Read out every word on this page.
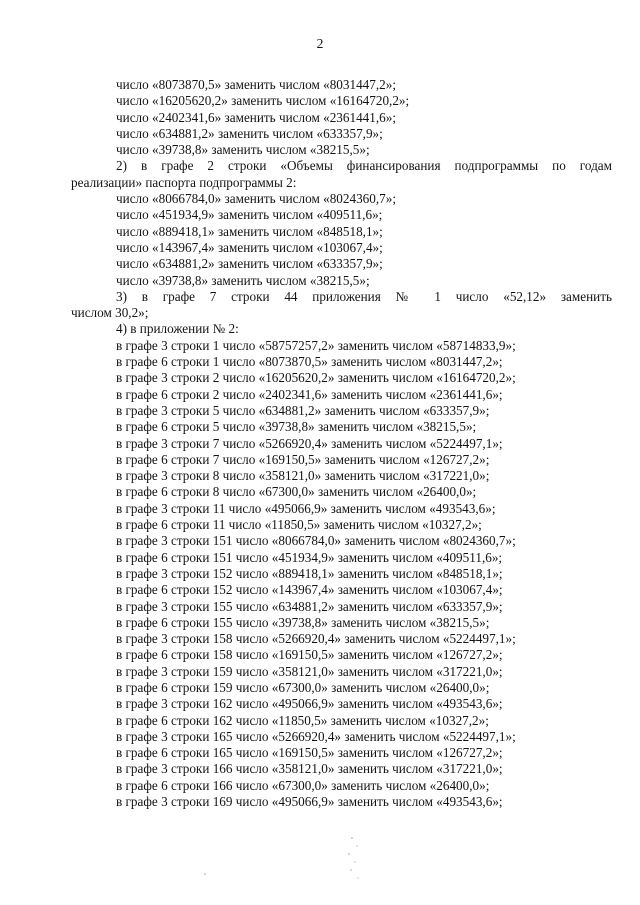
2
число «8073870,5» заменить числом «8031447,2»;
число «16205620,2» заменить числом «16164720,2»;
число «2402341,6» заменить числом «2361441,6»;
число «634881,2» заменить числом «633357,9»;
число «39738,8» заменить числом «38215,5»;
2) в графе 2 строки «Объемы финансирования подпрограммы по годам
реализации» паспорта подпрограммы 2:
число «8066784,0» заменить числом «8024360,7»;
число «451934,9» заменить числом «409511,6»;
число «889418,1» заменить числом «848518,1»;
число «143967,4» заменить числом «103067,4»;
число «634881,2» заменить числом «633357,9»;
число «39738,8» заменить числом «38215,5»;
3) в графе 7 строки 44 приложения № 1 число «52,12» заменить
числом 30,2»;
4) в приложении № 2:
в графе 3 строки 1 число «58757257,2» заменить числом «58714833,9»;
в графе 6 строки 1 число «8073870,5» заменить числом «8031447,2»;
в графе 3 строки 2 число «16205620,2» заменить числом «16164720,2»;
в графе 6 строки 2 число «2402341,6» заменить числом «2361441,6»;
в графе 3 строки 5 число «634881,2» заменить числом «633357,9»;
в графе 6 строки 5 число «39738,8» заменить числом «38215,5»;
в графе 3 строки 7 число «5266920,4» заменить числом «5224497,1»;
в графе 6 строки 7 число «169150,5» заменить числом «126727,2»;
в графе 3 строки 8 число «358121,0» заменить числом «317221,0»;
в графе 6 строки 8 число «67300,0» заменить числом «26400,0»;
в графе 3 строки 11 число «495066,9» заменить числом «493543,6»;
в графе 6 строки 11 число «11850,5» заменить числом «10327,2»;
в графе 3 строки 151 число «8066784,0» заменить числом «8024360,7»;
в графе 6 строки 151 число «451934,9» заменить числом «409511,6»;
в графе 3 строки 152 число «889418,1» заменить числом «848518,1»;
в графе 6 строки 152 число «143967,4» заменить числом «103067,4»;
в графе 3 строки 155 число «634881,2» заменить числом «633357,9»;
в графе 6 строки 155 число «39738,8» заменить числом «38215,5»;
в графе 3 строки 158 число «5266920,4» заменить числом «5224497,1»;
в графе 6 строки 158 число «169150,5» заменить числом «126727,2»;
в графе 3 строки 159 число «358121,0» заменить числом «317221,0»;
в графе 6 строки 159 число «67300,0» заменить числом «26400,0»;
в графе 3 строки 162 число «495066,9» заменить числом «493543,6»;
в графе 6 строки 162 число «11850,5» заменить числом «10327,2»;
в графе 3 строки 165 число «5266920,4» заменить числом «5224497,1»;
в графе 6 строки 165 число «169150,5» заменить числом «126727,2»;
в графе 3 строки 166 число «358121,0» заменить числом «317221,0»;
в графе 6 строки 166 число «67300,0» заменить числом «26400,0»;
в графе 3 строки 169 число «495066,9» заменить числом «493543,6»;
